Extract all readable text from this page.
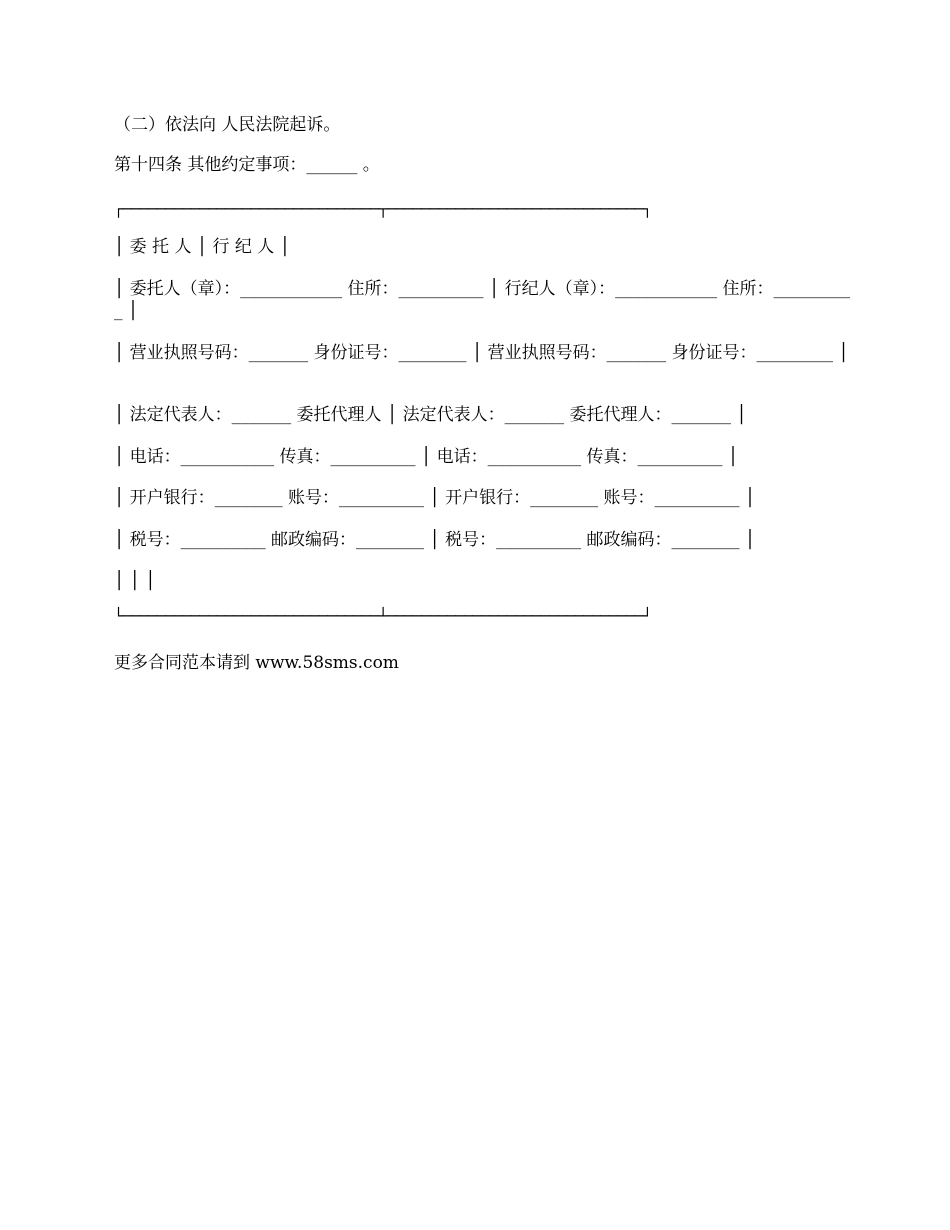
（二）依法向 人民法院起诉。
第十四条 其他约定事项：______ 。
┌──────────────────────────────┬──────────────────────────────┐
│ 委 托 人 │ 行 纪 人 │
│ 委托人（章）：____________ 住所：__________ │ 行纪人（章）：____________ 住所：__________ │
│ 营业执照号码：_______ 身份证号：________ │ 营业执照号码：_______ 身份证号：_________ │
│ 法定代表人：_______ 委托代理人 │ 法定代表人：_______ 委托代理人：_______ │
│ 电话：___________ 传真：__________ │ 电话：___________ 传真：__________ │
│ 开户银行：________ 账号：__________ │ 开户银行：________ 账号：__________ │
│ 税号：__________ 邮政编码：________ │ 税号：__________ 邮政编码：________ │
│ │ │
└──────────────────────────────┴──────────────────────────────┘
更多合同范本请到 www.58sms.com
